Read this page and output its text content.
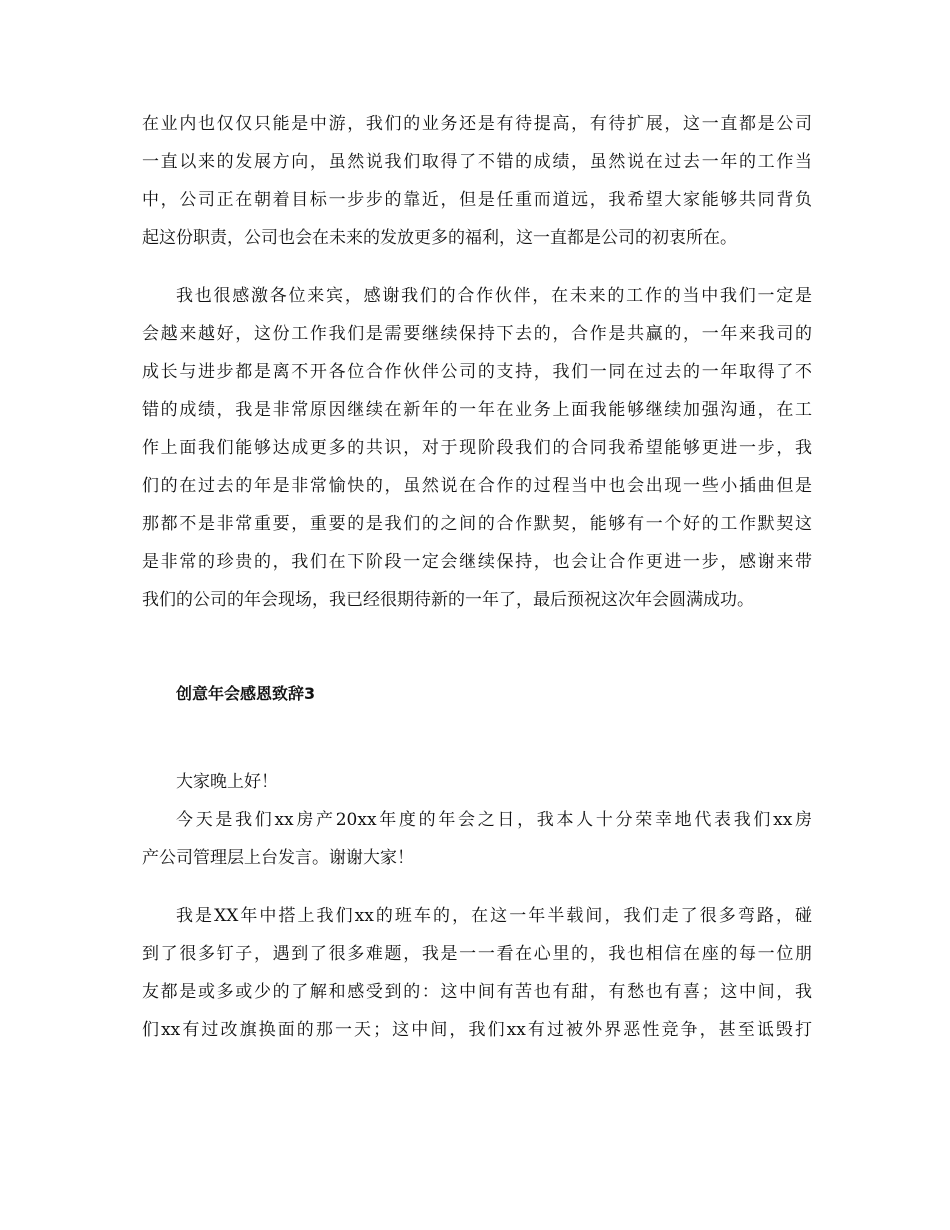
在业内也仅仅只能是中游，我们的业务还是有待提高，有待扩展，这一直都是公司
一直以来的发展方向，虽然说我们取得了不错的成绩，虽然说在过去一年的工作当
中，公司正在朝着目标一步步的靠近，但是任重而道远，我希望大家能够共同背负
起这份职责，公司也会在未来的发放更多的福利，这一直都是公司的初衷所在。
我也很感激各位来宾，感谢我们的合作伙伴，在未来的工作的当中我们一定是
会越来越好，这份工作我们是需要继续保持下去的，合作是共赢的，一年来我司的
成长与进步都是离不开各位合作伙伴公司的支持，我们一同在过去的一年取得了不
错的成绩，我是非常原因继续在新年的一年在业务上面我能够继续加强沟通，在工
作上面我们能够达成更多的共识，对于现阶段我们的合同我希望能够更进一步，我
们的在过去的年是非常愉快的，虽然说在合作的过程当中也会出现一些小插曲但是
那都不是非常重要，重要的是我们的之间的合作默契，能够有一个好的工作默契这
是非常的珍贵的，我们在下阶段一定会继续保持，也会让合作更进一步，感谢来带
我们的公司的年会现场，我已经很期待新的一年了，最后预祝这次年会圆满成功。
创意年会感恩致辞3
大家晚上好！
今天是我们xx房产20xx年度的年会之日，我本人十分荣幸地代表我们xx房
产公司管理层上台发言。谢谢大家！
我是XX年中搭上我们xx的班车的，在这一年半载间，我们走了很多弯路，碰
到了很多钉子，遇到了很多难题，我是一一看在心里的，我也相信在座的每一位朋
友都是或多或少的了解和感受到的：这中间有苦也有甜，有愁也有喜；这中间，我
们xx有过改旗换面的那一天；这中间，我们xx有过被外界恶性竞争，甚至诋毁打
